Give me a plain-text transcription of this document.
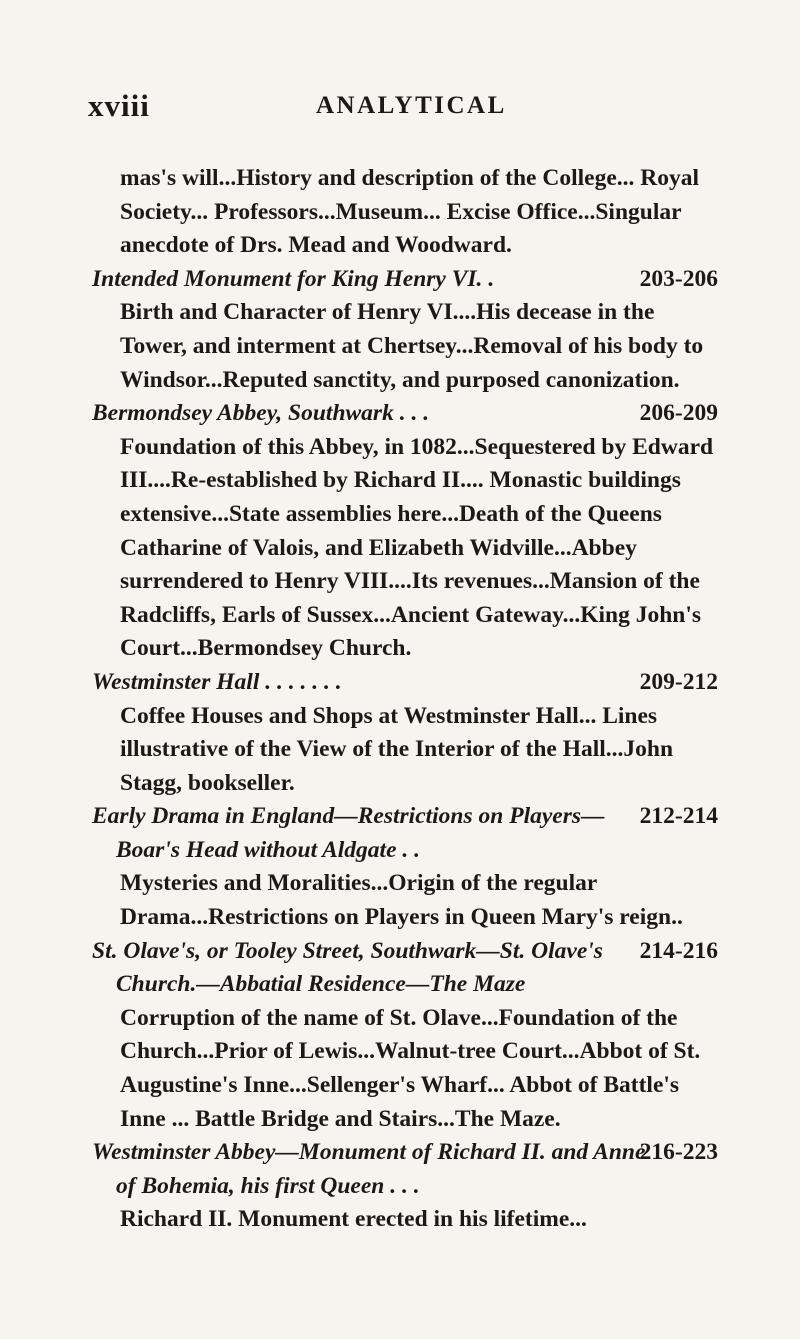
xviii	ANALYTICAL

mas's will...History and description of the College... Royal Society... Professors...Museum... Excise Office...Singular anecdote of Drs. Mead and Woodward.

203-206
Intended Monument for King Henry VI. .

Birth and Character of Henry VI....His decease in the Tower, and interment at Chertsey...Removal of his body to Windsor...Reputed sanctity, and purposed canonization.

206-209
Bermondsey Abbey, Southwark . . .

Foundation of this Abbey, in 1082...Sequestered by Edward III....Re-established by Richard II.... Monastic buildings extensive...State assemblies here...Death of the Queens Catharine of Valois, and Elizabeth Widville...Abbey surrendered to Henry VIII....Its revenues...Mansion of the Radcliffs, Earls of Sussex...Ancient Gateway...King John's Court...Bermondsey Church.

209-212
Westminster Hall . . . . . . .

Coffee Houses and Shops at Westminster Hall... Lines illustrative of the View of the Interior of the Hall...John Stagg, bookseller.

212-214
Early Drama in England—Restrictions on Players—Boar's Head without Aldgate . .

Mysteries and Moralities...Origin of the regular Drama...Restrictions on Players in Queen Mary's reign..

214-216
St. Olave's, or Tooley Street, Southwark—St. Olave's Church.—Abbatial Residence—The Maze

Corruption of the name of St. Olave...Foundation of the Church...Prior of Lewis...Walnut-tree Court...Abbot of St. Augustine's Inne...Sellenger's Wharf... Abbot of Battle's Inne ... Battle Bridge and Stairs...The Maze.

216-223
Westminster Abbey—Monument of Richard II. and Anne of Bohemia, his first Queen . . .

Richard II. Monument erected in his lifetime...
